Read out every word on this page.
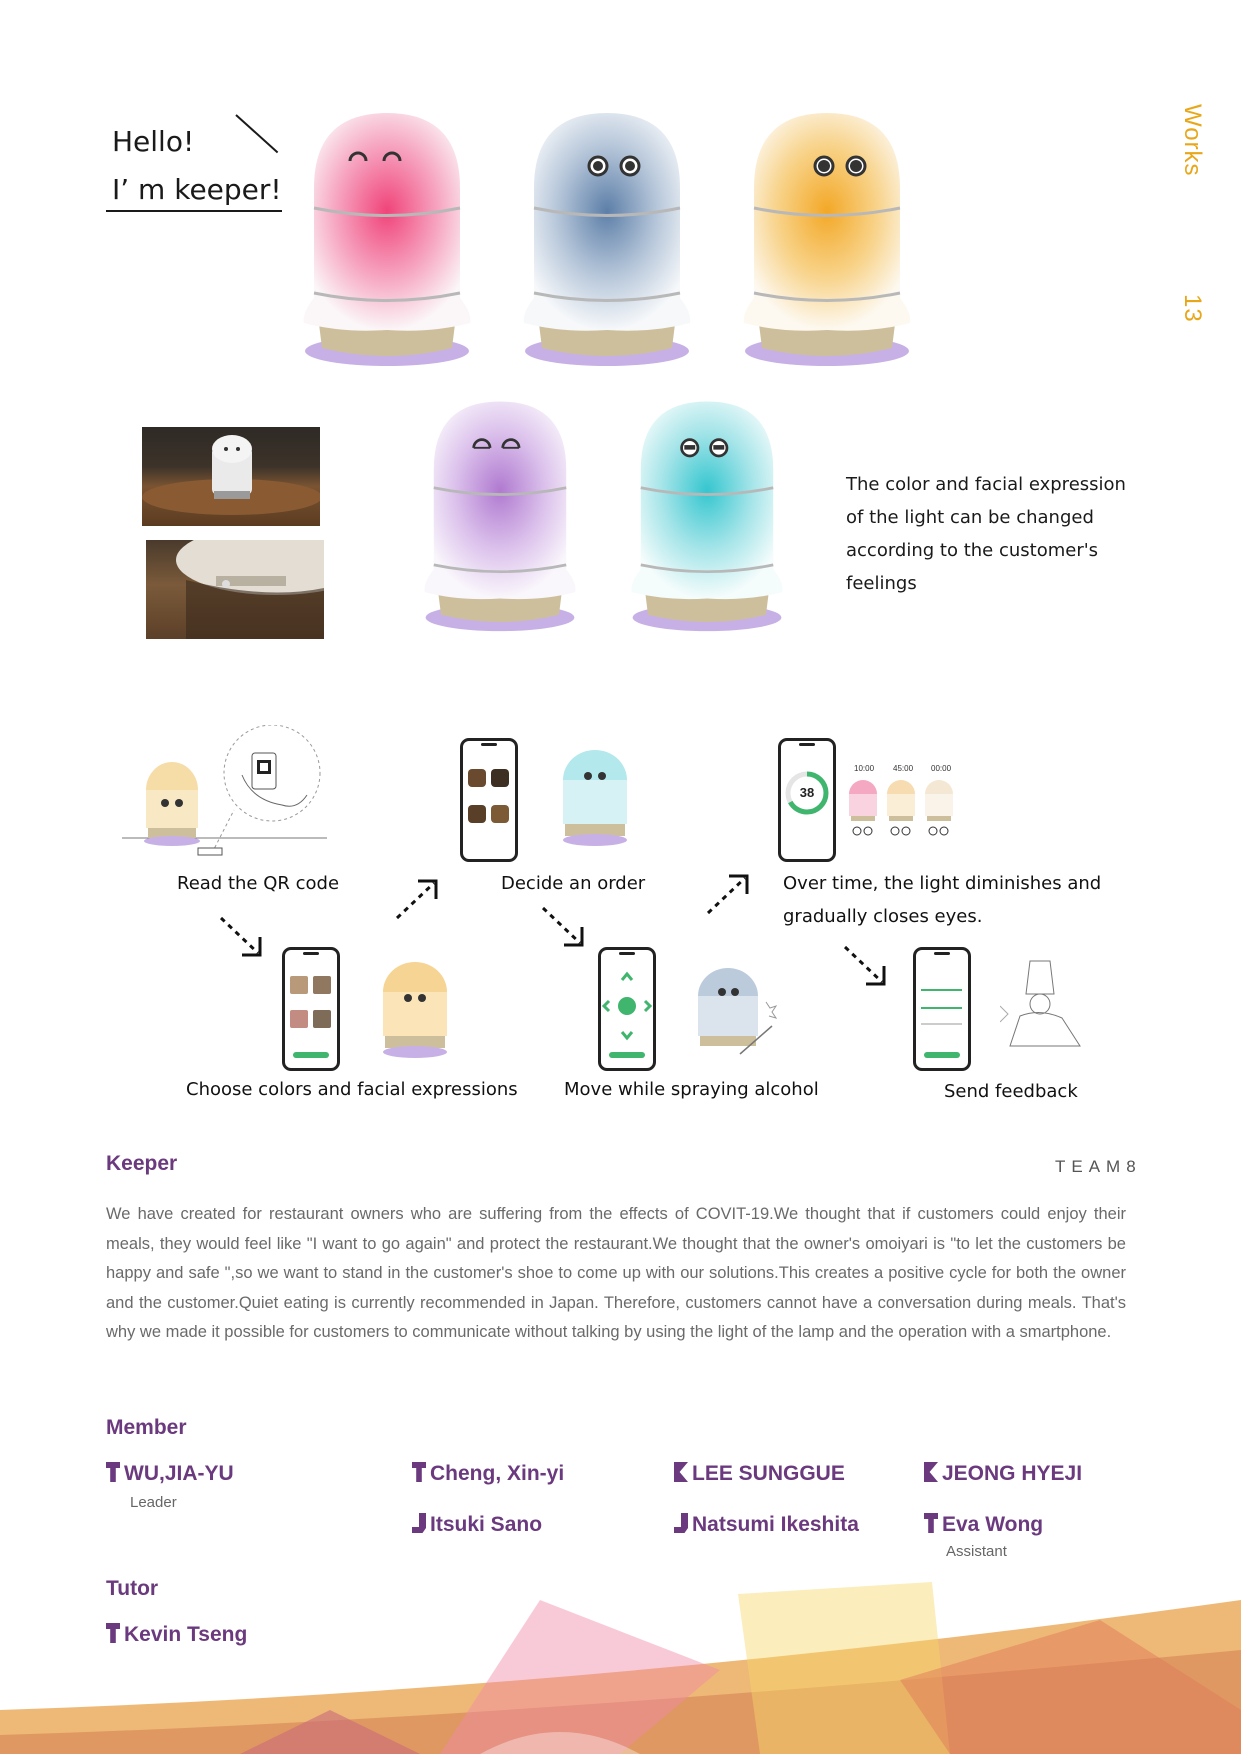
Works
13
Hello!
I’ m keeper!
The color and facial expression of the light can be changed according to the customer's feelings
Read the QR code
Choose colors and facial expressions
Decide an order
Move while spraying alcohol
38
10:00 45:00 00:00
Over time, the light diminishes and
gradually closes eyes.
Send feedback
Keeper	TEAM8
We have created for restaurant owners who are suffering from the effects of COVIT-19.We thought that if customers could enjoy their meals, they would feel like "I want to go again" and protect the restaurant.We thought that the owner's omoiyari is "to let the customers be happy and safe ",so we want to stand in the customer's shoe to come up with our solutions.This creates a positive cycle for both the owner and the customer.Quiet eating is currently recommended in Japan. Therefore, customers cannot have a conversation during meals. That's why we made it possible for customers to communicate without talking by using the light of the lamp and the operation with a smartphone.
Member
WU,JIA-YU
Leader
Cheng, Xin-yi	LEE SUNGGUE	JEONG HYEJI
Itsuki Sano	Natsumi Ikeshita	Eva Wong
Assistant
Tutor
Kevin Tseng
